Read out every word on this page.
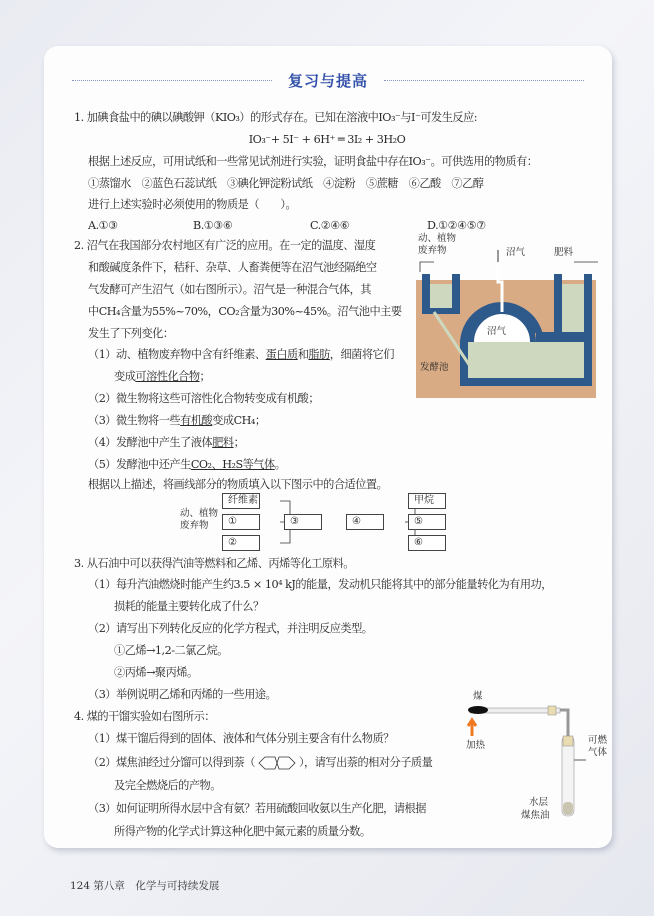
复习与提高
1. 加碘食盐中的碘以碘酸钾（KIO₃）的形式存在。已知在溶液中IO₃⁻与I⁻可发生反应:
IO₃⁻+ 5I⁻ + 6H⁺ ═ 3I₂ + 3H₂O
根据上述反应，可用试纸和一些常见试剂进行实验，证明食盐中存在IO₃⁻。可供选用的物质有：
①蒸馏水　②蓝色石蕊试纸　③碘化钾淀粉试纸　④淀粉　⑤蔗糖　⑥乙酸　⑦乙醇
进行上述实验时必须使用的物质是（　　）。
A.①③	B.①③⑥	C.②④⑥	D.①②④⑤⑦
2. 沼气在我国部分农村地区有广泛的应用。在一定的温度、湿度
和酸碱度条件下，秸秆、杂草、人畜粪便等在沼气池经隔绝空
气发酵可产生沼气（如右图所示）。沼气是一种混合气体，其
中CH₄含量为55%~70%，CO₂含量为30%~45%。沼气池中主要
发生了下列变化：
（1）动、植物废弃物中含有纤维素、蛋白质和脂肪，细菌将它们
变成可溶性化合物；
（2）微生物将这些可溶性化合物转变成有机酸；
（3）微生物将一些有机酸变成CH₄；
（4）发酵池中产生了液体肥料；
（5）发酵池中还产生CO₂、H₂S等气体。
根据以上描述，将画线部分的物质填入以下图示中的合适位置。
动、植物废弃物	沼气	肥料
沼气
发酵池
动、植物废弃物
纤维素
①
②
③	④
甲烷
⑤
⑥
3. 从石油中可以获得汽油等燃料和乙烯、丙烯等化工原料。
（1）每升汽油燃烧时能产生约3.5 × 10⁴ kJ的能量，发动机只能将其中的部分能量转化为有用功，
损耗的能量主要转化成了什么？
（2）请写出下列转化反应的化学方程式，并注明反应类型。
①乙烯→1,2-二氯乙烷。
②丙烯→聚丙烯。
（3）举例说明乙烯和丙烯的一些用途。
4. 煤的干馏实验如右图所示：
（1）煤干馏后得到的固体、液体和气体分别主要含有什么物质？
（2）煤焦油经过分馏可以得到萘（	），请写出萘的相对分子质量
及完全燃烧后的产物。
（3）如何证明所得水层中含有氨？若用硫酸回收氨以生产化肥，请根据
所得产物的化学式计算这种化肥中氮元素的质量分数。
煤
加热	可燃气体
水层
煤焦油
124 第八章　化学与可持续发展
